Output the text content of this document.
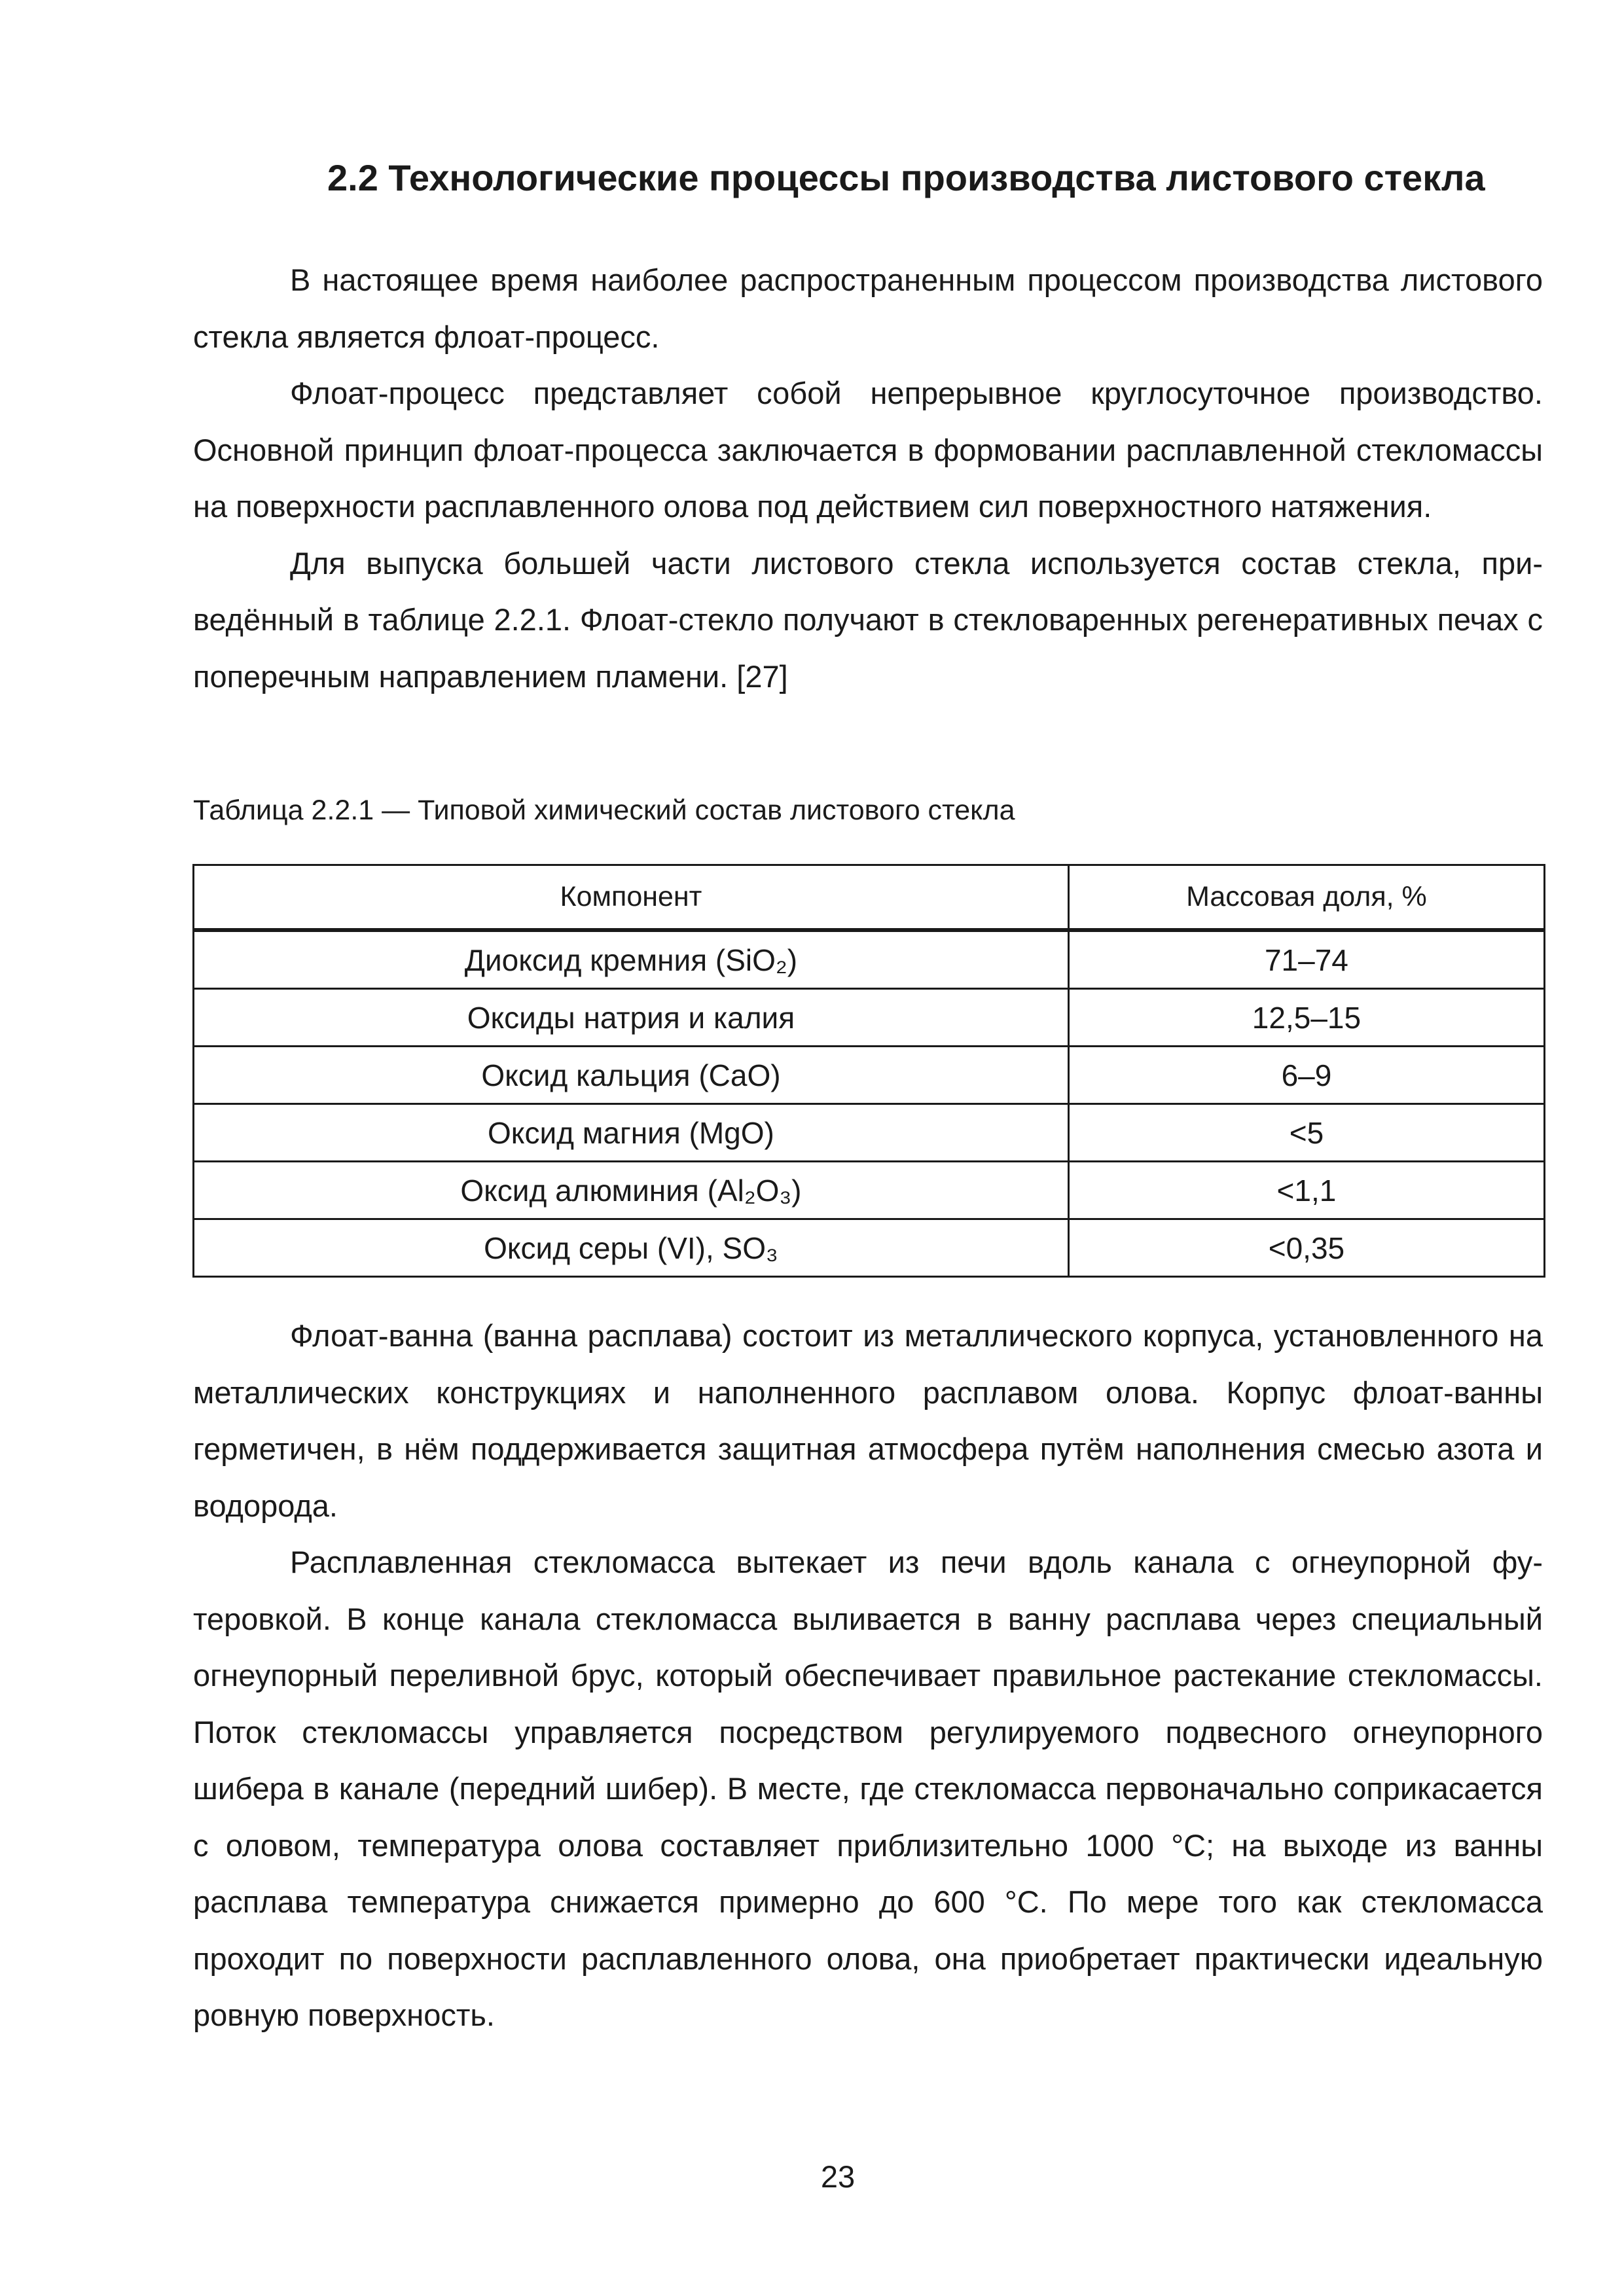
2.2 Технологические процессы производства листового стекла

В настоящее время наиболее распространенным процессом производства листового стекла является флоат-процесс.

Флоат-процесс представляет собой непрерывное круглосуточное производство. Основной принцип флоат-процесса заключается в формовании расплавленной стекломассы на поверхности расплавленного олова под действием сил поверхностного натяжения.

Для выпуска большей части листового стекла используется состав стекла, приведённый в таблице 2.2.1. Флоат-стекло получают в стекловаренных регенеративных печах с поперечным направлением пламени. [27]

Таблица 2.2.1 — Типовой химический состав листового стекла

Компонент	Массовая доля, %
Диоксид кремния (SiO₂)	71–74
Оксиды натрия и калия	12,5–15
Оксид кальция (CaO)	6–9
Оксид магния (MgO)	<5
Оксид алюминия (Al₂O₃)	<1,1
Оксид серы (VI), SO₃	<0,35

Флоат-ванна (ванна расплава) состоит из металлического корпуса, установленного на металлических конструкциях и наполненного расплавом олова. Корпус флоат-ванны герметичен, в нём поддерживается защитная атмосфера путём наполнения смесью азота и водорода.

Расплавленная стекломасса вытекает из печи вдоль канала с огнеупорной футеровкой. В конце канала стекломасса выливается в ванну расплава через специальный огнеупорный переливной брус, который обеспечивает правильное растекание стекломассы. Поток стекломассы управляется посредством регулируемого подвесного огнеупорного шибера в канале (передний шибер). В месте, где стекломасса первоначально соприкасается с оловом, температура олова составляет приблизительно 1000 °С; на выходе из ванны расплава температура снижается примерно до 600 °С. По мере того как стекломасса проходит по поверхности расплавленного олова, она приобретает практически идеальную ровную поверхность.

23
